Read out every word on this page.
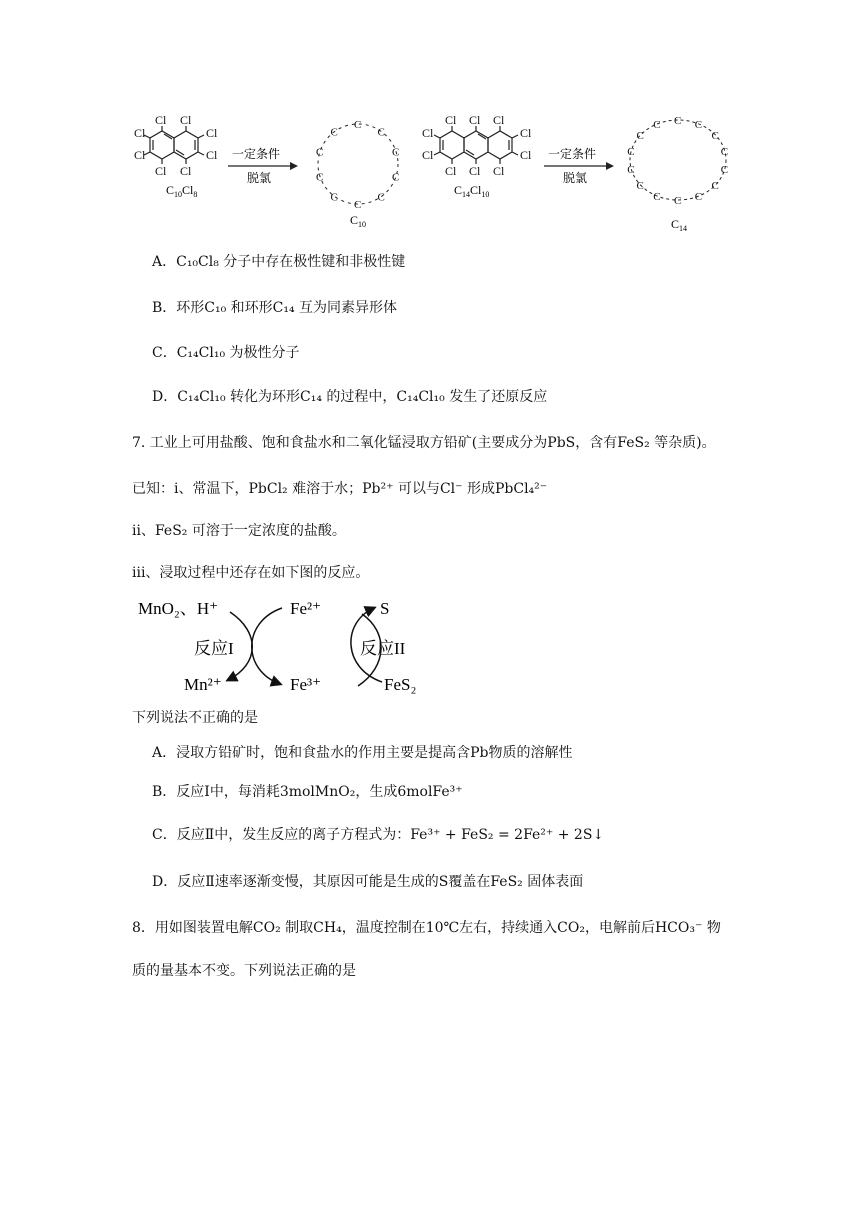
Cl Cl
Cl	Cl
Cl	Cl
Cl Cl
$C_{10}Cl_8$
一定条件
脱氯
C
C
C
C
C
C
C
C
C
C
$C_{10}$
Cl Cl Cl
Cl	Cl
Cl	Cl
Cl Cl Cl
$C_{14}Cl_{10}$
一定条件
脱氯
C C
C
C
C
C
C
C
C
C
C
C
C
C
$C_{14}$
A．C₁₀Cl₈ 分子中存在极性键和非极性键
B．环形C₁₀ 和环形C₁₄ 互为同素异形体
C．C₁₄Cl₁₀ 为极性分子
D．C₁₄Cl₁₀ 转化为环形C₁₄ 的过程中，C₁₄Cl₁₀ 发生了还原反应
7. 工业上可用盐酸、饱和食盐水和二氧化锰浸取方铅矿(主要成分为PbS，含有FeS₂ 等杂质)。
已知：ⅰ、常温下，PbCl₂ 难溶于水；Pb²⁺ 可以与Cl⁻ 形成PbCl₄²⁻
ⅱ、FeS₂ 可溶于一定浓度的盐酸。
iii、浸取过程中还存在如下图的反应。
MnO₂、H⁺	Fe²⁺	S
反应I	反应II
Mn²⁺	Fe³⁺	FeS₂
下列说法不正确的是
A．浸取方铅矿时，饱和食盐水的作用主要是提高含Pb物质的溶解性
B．反应Ⅰ中，每消耗3molMnO₂，生成6molFe³⁺
C．反应Ⅱ中，发生反应的离子方程式为：Fe³⁺ + FeS₂ = 2Fe²⁺ + 2S↓
D．反应Ⅱ速率逐渐变慢，其原因可能是生成的S覆盖在FeS₂ 固体表面
8．用如图装置电解CO₂ 制取CH₄，温度控制在10℃左右，持续通入CO₂，电解前后HCO₃⁻ 物
质的量基本不变。下列说法正确的是
